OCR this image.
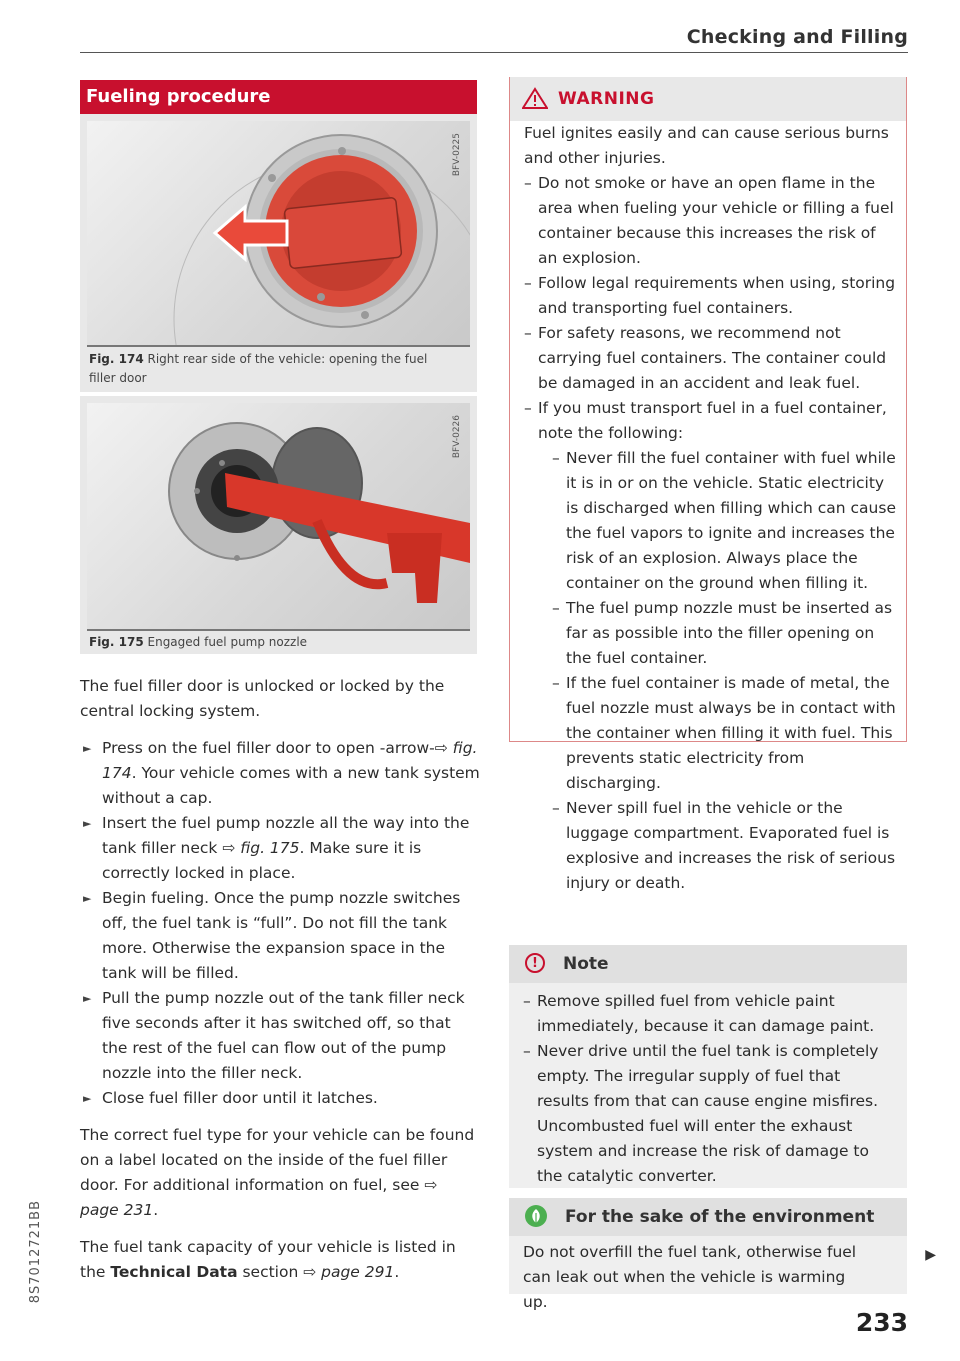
Checking and Filling
Fueling procedure
BFV-0225
Fig. 174 Right rear side of the vehicle: opening the fuel filler door
BFV-0226
Fig. 175 Engaged fuel pump nozzle

The fuel filler door is unlocked or locked by the central locking system.

► Press on the fuel filler door to open -arrow-⇨ fig. 174. Your vehicle comes with a new tank system without a cap.
► Insert the fuel pump nozzle all the way into the tank filler neck ⇨ fig. 175. Make sure it is correctly locked in place.
► Begin fueling. Once the pump nozzle switches off, the fuel tank is “full”. Do not fill the tank more. Otherwise the expansion space in the tank will be filled.
► Pull the pump nozzle out of the tank filler neck five seconds after it has switched off, so that the rest of the fuel can flow out of the pump nozzle into the filler neck.
► Close fuel filler door until it latches.

The correct fuel type for your vehicle can be found on a label located on the inside of the fuel filler door. For additional information on fuel, see ⇨ page 231.

The fuel tank capacity of your vehicle is listed in the Technical Data section ⇨ page 291.

WARNING
Fuel ignites easily and can cause serious burns and other injuries.
– Do not smoke or have an open flame in the area when fueling your vehicle or filling a fuel container because this increases the risk of an explosion.
– Follow legal requirements when using, storing and transporting fuel containers.
– For safety reasons, we recommend not carrying fuel containers. The container could be damaged in an accident and leak fuel.
– If you must transport fuel in a fuel container, note the following:
– Never fill the fuel container with fuel while it is in or on the vehicle. Static electricity is discharged when filling which can cause the fuel vapors to ignite and increases the risk of an explosion. Always place the container on the ground when filling it.
– The fuel pump nozzle must be inserted as far as possible into the filler opening on the fuel container.
– If the fuel container is made of metal, the fuel nozzle must always be in contact with the container when filling it with fuel. This prevents static electricity from discharging.
– Never spill fuel in the vehicle or the luggage compartment. Evaporated fuel is explosive and increases the risk of serious injury or death.
!	Note
– Remove spilled fuel from vehicle paint immediately, because it can damage paint.
– Never drive until the fuel tank is completely empty. The irregular supply of fuel that results from that can cause engine misfires. Uncombusted fuel will enter the exhaust system and increase the risk of damage to the catalytic converter.
For the sake of the environment
Do not overfill the fuel tank, otherwise fuel can leak out when the vehicle is warming up.
▶
233
8S7012721BB
